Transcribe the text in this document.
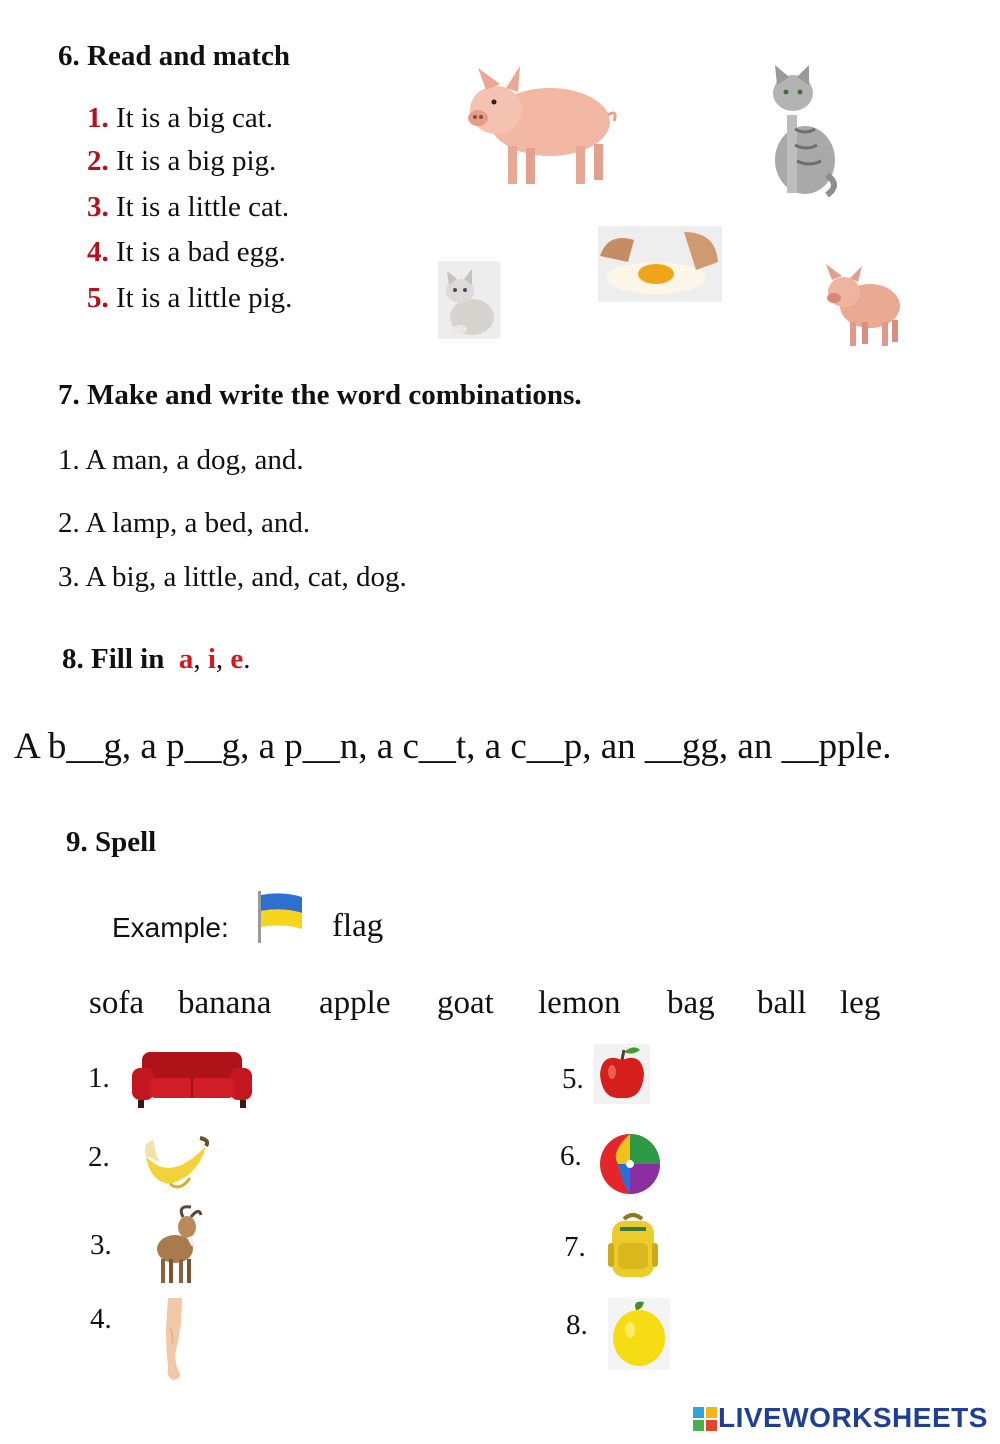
6. Read and match
1. It is a big cat.
2. It is a big pig.
3. It is a little cat.
4. It is a bad egg.
5. It is a little pig.
7. Make and write the word combinations.
1. A man, a dog, and.
2. A lamp, a bed, and.
3. A big, a little, and, cat, dog.
8. Fill in a, i, e.
A b__g, a p__g, a p__n, a c__t, a c__p, an __gg, an __pple.
9. Spell
Example:	flag
sofa banana apple goat lemon bag ball leg
1.
2.
3.
4.
5.
6.
7.
8.
LIVEWORKSHEETS
